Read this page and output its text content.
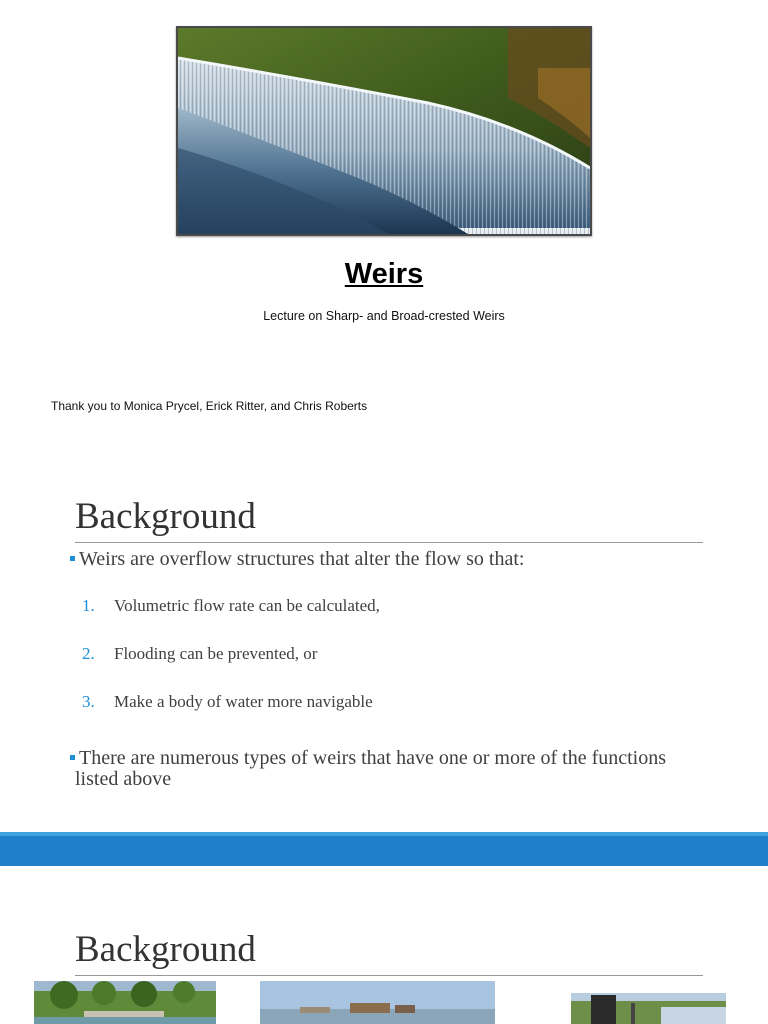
Weirs
Lecture on Sharp- and Broad-crested Weirs
Thank you to Monica Prycel, Erick Ritter, and Chris Roberts
Background
Weirs are overflow structures that alter the flow so that:
1. Volumetric flow rate can be calculated,
2. Flooding can be prevented, or
3. Make a body of water more navigable
There are numerous types of weirs that have one or more of the functions
listed above
Background
